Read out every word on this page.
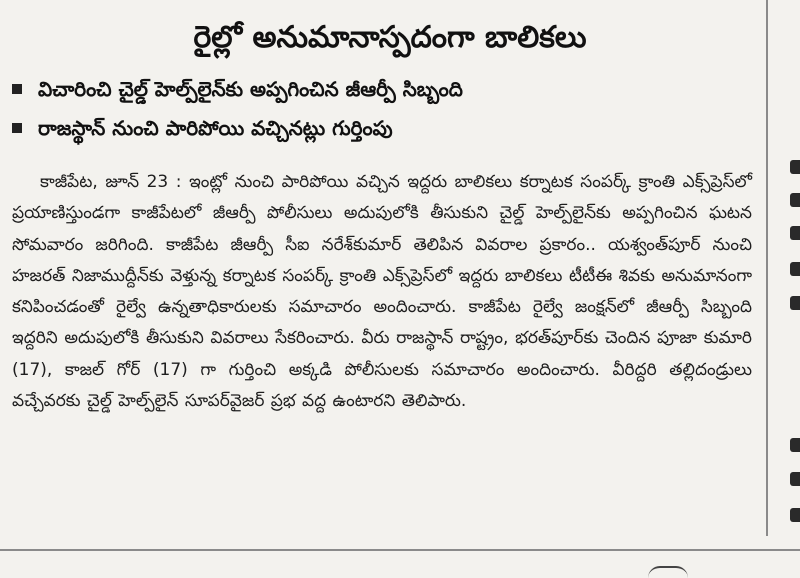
రైల్లో అనుమానాస్పదంగా బాలికలు
విచారించి చైల్డ్ హెల్ప్‌లైన్‌కు అప్పగించిన జీఆర్పీ సిబ్బంది
రాజస్థాన్ నుంచి పారిపోయి వచ్చినట్లు గుర్తింపు

కాజీపేట, జూన్ 23 : ఇంట్లో నుంచి పారిపోయి వచ్చిన ఇద్దరు బాలికలు కర్నాటక సంపర్క్ క్రాంతి ఎక్స్‌ప్రెస్‌లో ప్రయాణిస్తుండగా కాజీపేటలో జీఆర్పీ పోలీసులు అదుపులోకి తీసుకుని చైల్డ్ హెల్ప్‌లైన్‌కు అప్పగించిన ఘటన సోమవారం జరిగింది. కాజీపేట జీఆర్పీ సీఐ నరేశ్‌కుమార్ తెలిపిన వివరాల ప్రకారం.. యశ్వంత్‌పూర్ నుంచి హజరత్ నిజాముద్దీన్‌కు వెళ్తున్న కర్నాటక సంపర్క్ క్రాంతి ఎక్స్‌ప్రెస్‌లో ఇద్దరు బాలికలు టీటీఈ శివకు అనుమానంగా కనిపించడంతో రైల్వే ఉన్నతాధికారులకు సమాచారం అందించారు. కాజీపేట రైల్వే జంక్షన్‌లో జీఆర్పీ సిబ్బంది ఇద్దరిని అదుపులోకి తీసుకుని వివరాలు సేకరించారు. వీరు రాజస్థాన్ రాష్ట్రం, భరత్‌పూర్‌కు చెందిన పూజా కుమారి (17), కాజల్ గోర్ (17) గా గుర్తించి అక్కడి పోలీసులకు సమాచారం అందించారు. వీరిద్దరి తల్లిదండ్రులు వచ్చేవరకు చైల్డ్ హెల్ప్‌లైన్ సూపర్‌వైజర్ ప్రభ వద్ద ఉంటారని తెలిపారు.
